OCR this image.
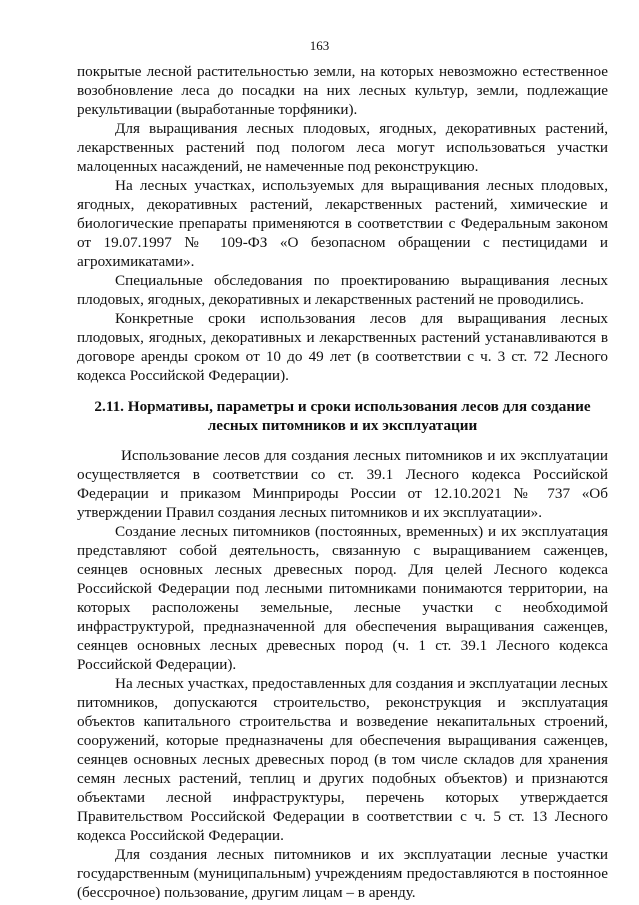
163

покрытые лесной растительностью земли, на которых невозможно естественное возобновление леса до посадки на них лесных культур, земли, подлежащие рекультивации (выработанные торфяники).

Для выращивания лесных плодовых, ягодных, декоративных растений, лекарственных растений под пологом леса могут использоваться участки малоценных насаждений, не намеченные под реконструкцию.

На лесных участках, используемых для выращивания лесных плодовых, ягодных, декоративных растений, лекарственных растений, химические и биологические препараты применяются в соответствии с Федеральным законом от 19.07.1997 № 109-ФЗ «О безопасном обращении с пестицидами и агрохимикатами».

Специальные обследования по проектированию выращивания лесных плодовых, ягодных, декоративных и лекарственных растений не проводились.

Конкретные сроки использования лесов для выращивания лесных плодовых, ягодных, декоративных и лекарственных растений устанавливаются в договоре аренды сроком от 10 до 49 лет (в соответствии с ч. 3 ст. 72 Лесного кодекса Российской Федерации).

2.11. Нормативы, параметры и сроки использования лесов для создание
лесных питомников и их эксплуатации

Использование лесов для создания лесных питомников и их эксплуатации осуществляется в соответствии со ст. 39.1 Лесного кодекса Российской Федерации и приказом Минприроды России от 12.10.2021 № 737 «Об утверждении Правил создания лесных питомников и их эксплуатации».

Создание лесных питомников (постоянных, временных) и их эксплуатация представляют собой деятельность, связанную с выращиванием саженцев, сеянцев основных лесных древесных пород. Для целей Лесного кодекса Российской Федерации под лесными питомниками понимаются территории, на которых расположены земельные, лесные участки с необходимой инфраструктурой, предназначенной для обеспечения выращивания саженцев, сеянцев основных лесных древесных пород (ч. 1 ст. 39.1 Лесного кодекса Российской Федерации).

На лесных участках, предоставленных для создания и эксплуатации лесных питомников, допускаются строительство, реконструкция и эксплуатация объектов капитального строительства и возведение некапитальных строений, сооружений, которые предназначены для обеспечения выращивания саженцев, сеянцев основных лесных древесных пород (в том числе складов для хранения семян лесных растений, теплиц и других подобных объектов) и признаются объектами лесной инфраструктуры, перечень которых утверждается Правительством Российской Федерации в соответствии с ч. 5 ст. 13 Лесного кодекса Российской Федерации.

Для создания лесных питомников и их эксплуатации лесные участки государственным (муниципальным) учреждениям предоставляются в постоянное (бессрочное) пользование, другим лицам – в аренду.
